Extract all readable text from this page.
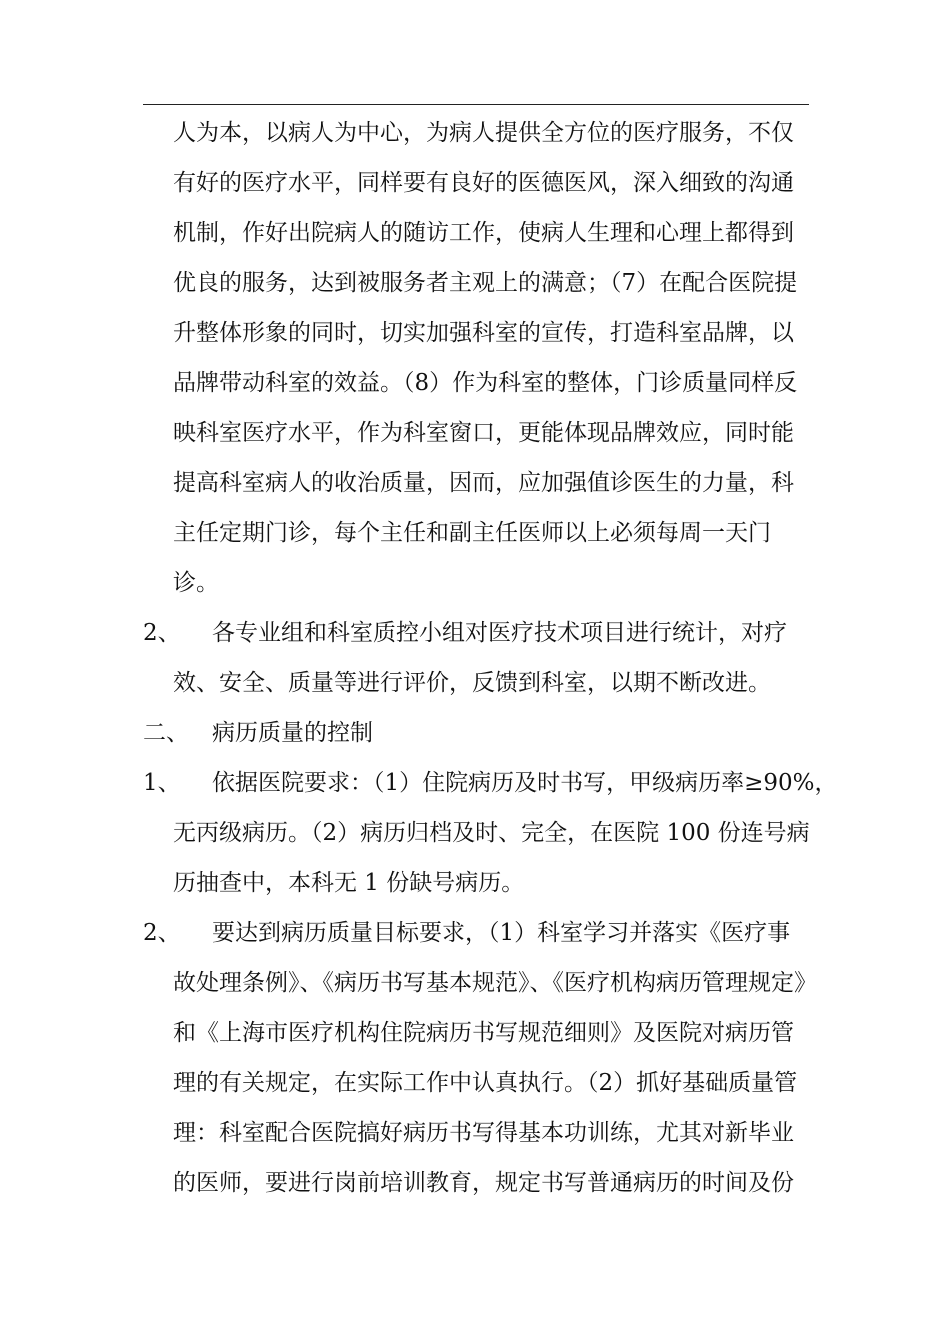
人为本，以病人为中心，为病人提供全方位的医疗服务，不仅
有好的医疗水平，同样要有良好的医德医风，深入细致的沟通
机制，作好出院病人的随访工作，使病人生理和心理上都得到
优良的服务，达到被服务者主观上的满意；（7）在配合医院提
升整体形象的同时，切实加强科室的宣传，打造科室品牌，以
品牌带动科室的效益。（8）作为科室的整体，门诊质量同样反
映科室医疗水平，作为科室窗口，更能体现品牌效应，同时能
提高科室病人的收治质量，因而，应加强值诊医生的力量，科
主任定期门诊，每个主任和副主任医师以上必须每周一天门
诊。
2、 各专业组和科室质控小组对医疗技术项目进行统计，对疗
效、安全、质量等进行评价，反馈到科室，以期不断改进。
二、 病历质量的控制
1、 依据医院要求：（1）住院病历及时书写，甲级病历率≥90%，
无丙级病历。（2）病历归档及时、完全，在医院 100 份连号病
历抽查中，本科无 1 份缺号病历。
2、 要达到病历质量目标要求，（1）科室学习并落实《医疗事
故处理条例》、《病历书写基本规范》、《医疗机构病历管理规定》
和《上海市医疗机构住院病历书写规范细则》及医院对病历管
理的有关规定，在实际工作中认真执行。（2）抓好基础质量管
理：科室配合医院搞好病历书写得基本功训练，尤其对新毕业
的医师，要进行岗前培训教育，规定书写普通病历的时间及份
